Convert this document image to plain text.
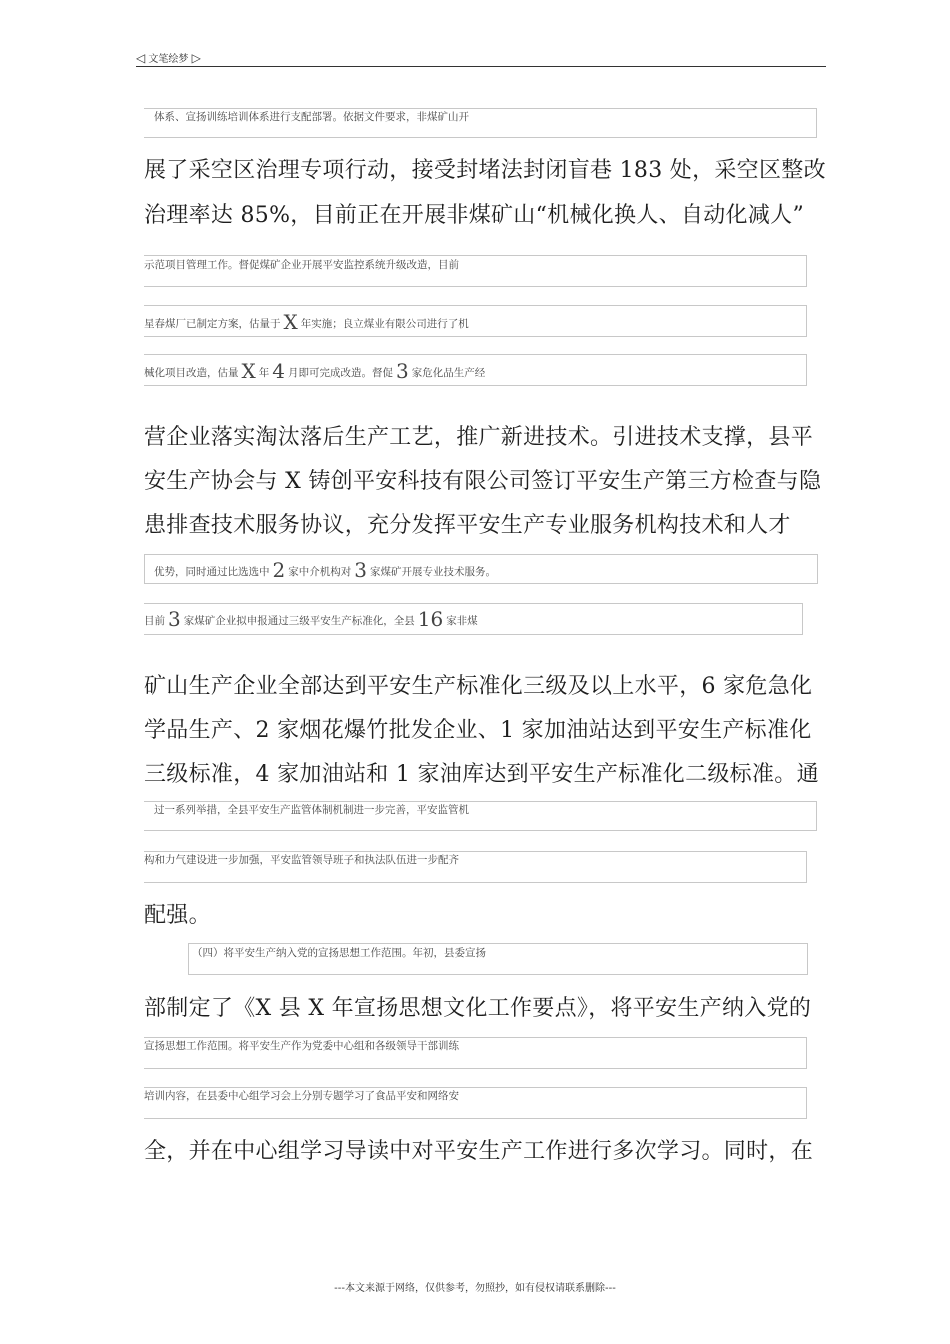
◁ 文笔绘梦 ▷
体系、宣扬训练培训体系进行支配部署。依据文件要求，非煤矿山开
展了采空区治理专项行动，接受封堵法封闭盲巷 183 处，采空区整改
治理率达 85%，目前正在开展非煤矿山“机械化换人、自动化减人”
示范项目管理工作。督促煤矿企业开展平安监控系统升级改造，目前
星春煤厂已制定方案，估量于 X 年实施；良立煤业有限公司进行了机
械化项目改造，估量 X 年 4 月即可完成改造。督促 3 家危化品生产经
营企业落实淘汰落后生产工艺，推广新进技术。引进技术支撑，县平
安生产协会与 X 铸创平安科技有限公司签订平安生产第三方检查与隐
患排查技术服务协议，充分发挥平安生产专业服务机构技术和人才
优势，同时通过比选选中 2 家中介机构对 3 家煤矿开展专业技术服务。
目前 3 家煤矿企业拟申报通过三级平安生产标准化，全县 16 家非煤
矿山生产企业全部达到平安生产标准化三级及以上水平，6 家危急化
学品生产、2 家烟花爆竹批发企业、1 家加油站达到平安生产标准化
三级标准，4 家加油站和 1 家油库达到平安生产标准化二级标准。通
过一系列举措，全县平安生产监管体制机制进一步完善，平安监管机
构和力气建设进一步加强，平安监管领导班子和执法队伍进一步配齐
配强。
（四）将平安生产纳入党的宣扬思想工作范围。年初，县委宣扬
部制定了《X 县 X 年宣扬思想文化工作要点》，将平安生产纳入党的
宣扬思想工作范围。将平安生产作为党委中心组和各级领导干部训练
培训内容，在县委中心组学习会上分别专题学习了食品平安和网络安
全，并在中心组学习导读中对平安生产工作进行多次学习。同时，在
---本文来源于网络，仅供参考，勿照抄，如有侵权请联系删除---
